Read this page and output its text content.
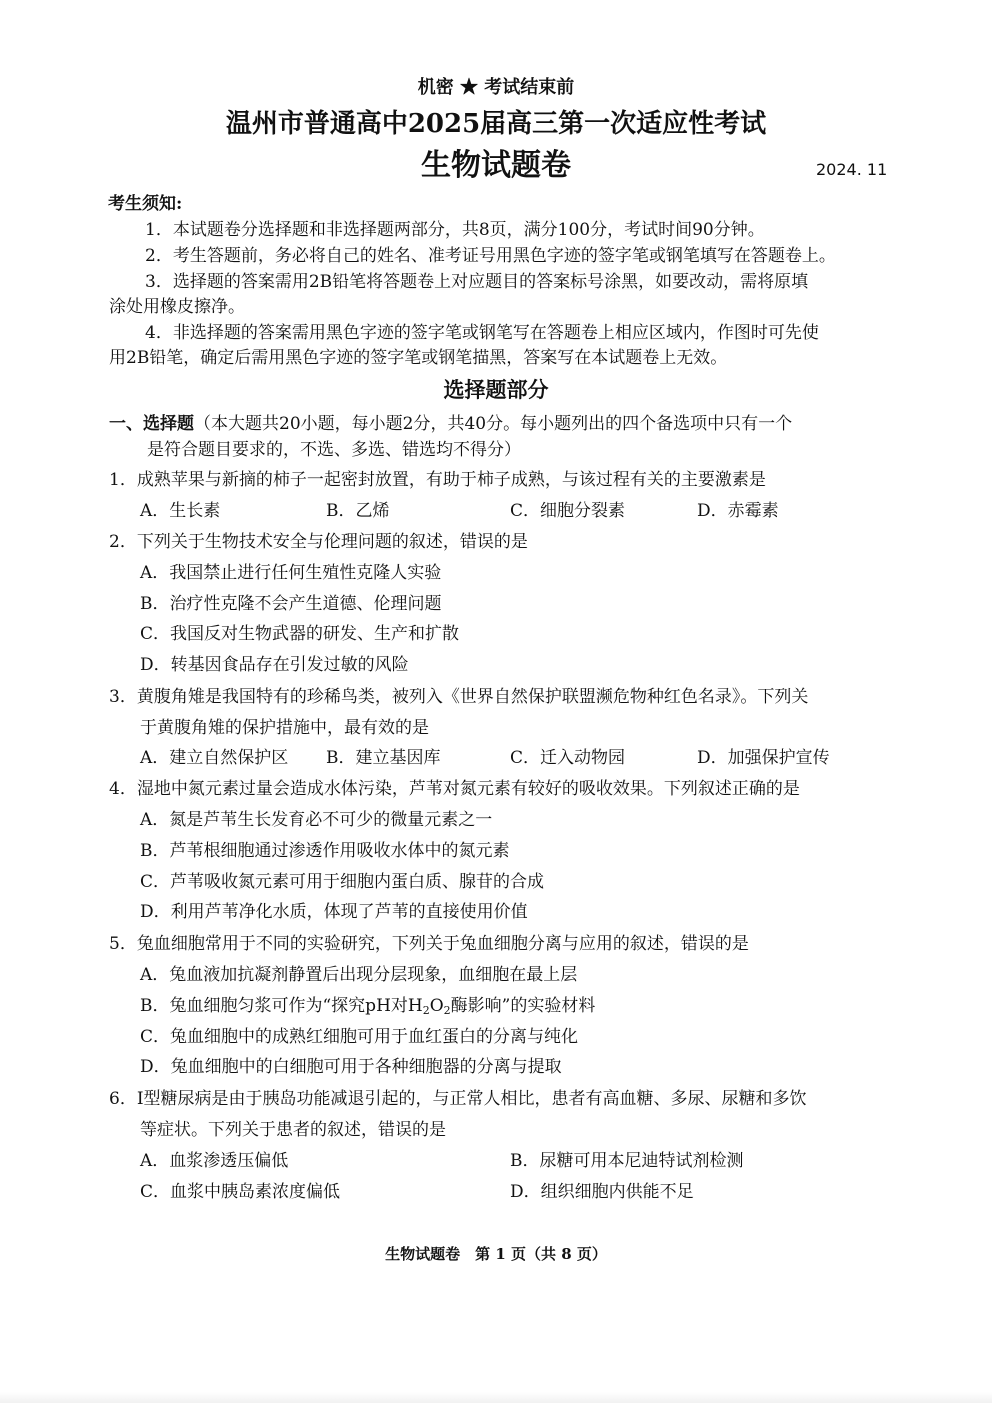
机密 ★ 考试结束前
温州市普通高中2025届高三第一次适应性考试
生物试题卷	2024. 11
考生须知:
1．本试题卷分选择题和非选择题两部分，共8页，满分100分，考试时间90分钟。
2．考生答题前，务必将自己的姓名、准考证号用黑色字迹的签字笔或钢笔填写在答题卷上。
3．选择题的答案需用2B铅笔将答题卷上对应题目的答案标号涂黑，如要改动，需将原填
涂处用橡皮擦净。
4．非选择题的答案需用黑色字迹的签字笔或钢笔写在答题卷上相应区域内，作图时可先使
用2B铅笔，确定后需用黑色字迹的签字笔或钢笔描黑，答案写在本试题卷上无效。
选择题部分
一、选择题（本大题共20小题，每小题2分，共40分。每小题列出的四个备选项中只有一个
是符合题目要求的，不选、多选、错选均不得分）
1．成熟苹果与新摘的柿子一起密封放置，有助于柿子成熟，与该过程有关的主要激素是
A．生长素	B．乙烯	C．细胞分裂素	D．赤霉素
2．下列关于生物技术安全与伦理问题的叙述，错误的是
A．我国禁止进行任何生殖性克隆人实验
B．治疗性克隆不会产生道德、伦理问题
C．我国反对生物武器的研发、生产和扩散
D．转基因食品存在引发过敏的风险
3．黄腹角雉是我国特有的珍稀鸟类，被列入《世界自然保护联盟濒危物种红色名录》。下列关
于黄腹角雉的保护措施中，最有效的是
A．建立自然保护区 B．建立基因库	C．迁入动物园	D．加强保护宣传
4．湿地中氮元素过量会造成水体污染，芦苇对氮元素有较好的吸收效果。下列叙述正确的是
A．氮是芦苇生长发育必不可少的微量元素之一
B．芦苇根细胞通过渗透作用吸收水体中的氮元素
C．芦苇吸收氮元素可用于细胞内蛋白质、腺苷的合成
D．利用芦苇净化水质，体现了芦苇的直接使用价值
5．兔血细胞常用于不同的实验研究，下列关于兔血细胞分离与应用的叙述，错误的是
A．兔血液加抗凝剂静置后出现分层现象，血细胞在最上层
B．兔血细胞匀浆可作为“探究pH对$H_2O_2$酶影响”的实验材料
C．兔血细胞中的成熟红细胞可用于血红蛋白的分离与纯化
D．兔血细胞中的白细胞可用于各种细胞器的分离与提取
6．I型糖尿病是由于胰岛功能减退引起的，与正常人相比，患者有高血糖、多尿、尿糖和多饮
等症状。下列关于患者的叙述，错误的是
A．血浆渗透压偏低	B．尿糖可用本尼迪特试剂检测
C．血浆中胰岛素浓度偏低	D．组织细胞内供能不足
生物试题卷　第 1 页（共 8 页）
